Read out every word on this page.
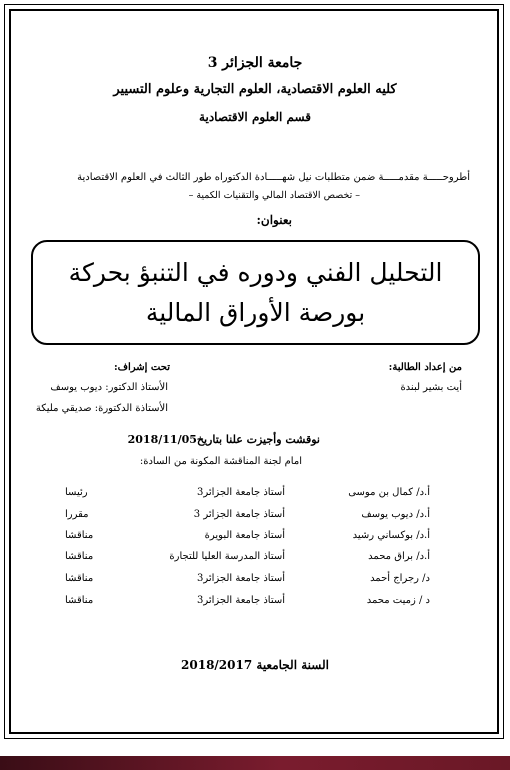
جامعة الجزائر 3
كليه العلوم الاقتصادية، العلوم التجارية وعلوم التسيير
قسم العلوم الاقتصادية
أطروحـــــة مقدمـــــة ضمن متطلبات نيل شهـــــادة الدكتوراه طور الثالث في العلوم الاقتصادية
– تخصص الاقتصاد المالي والتقنيات الكمية –
بعنوان:

التحليل الفني ودوره في التنبؤ بحركة بورصة الأوراق المالية

من إعداد الطالبة:
أيت بشير لبندة
تحت إشراف:
الأستاذ الدكتور: ديوب يوسف
الأستاذة الدكتورة: صديقي مليكة
نوقشت وأجيزت علنا بتاريخ2018/11/05
امام لجنة المناقشة المكونة من السادة:
أ.د/ كمال بن موسى
أستاذ جامعة الجزائر3
رئيسا
أ.د/ ديوب يوسف
أستاذ جامعة الجزائر 3
مقررا
أ.د/ بوكساني رشيد
أستاذ جامعة البويرة
مناقشا
أ.د/ براق محمد
أستاذ المدرسة العليا للتجارة
مناقشا
د/ رجراج أحمد
أستاذ جامعة الجزائر3
مناقشا
د / زميت محمد
أستاذ جامعة الجزائر3
مناقشا
السنة الجامعية 2018/2017
